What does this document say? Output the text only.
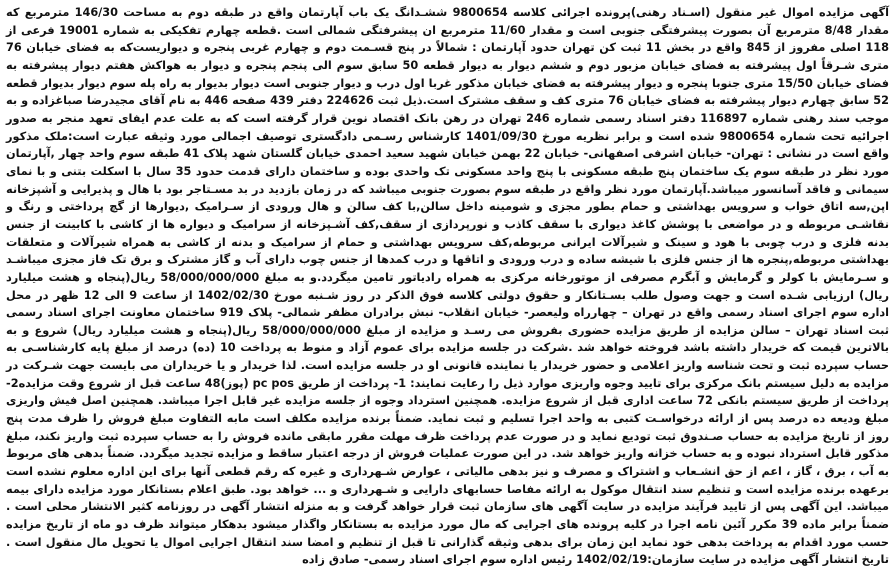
آگهی مزایده اموال غیر منقول (اسـناد رهنی)پرونده اجرائی کلاسه 9800654 ششـدانگ یک باب آپارتمان واقع در طبقه دوم به مساحت 146/30 مترمربع که مقدار 8/48 مترمربع آن بصورت پیشرفتگی جنوبی است و مقدار 11/60 مترمربع ان پیشرفتگی شمالی است .قطعه چهارم تفکیکی به شماره 19001 فرعی از 118 اصلی مفروز از 845 واقع در بخش 11 ثبت کن تهران حدود آپارتمان : شمالاً در پنج قسـمت دوم و چهارم غربی پنجره و دیواریست‌که به فضای خیابان 76 متری شـرقاً اول پیشرفته به فضای خیابان مزبور دوم و ششم دیوار به دیوار قطعه 50 سابق سوم الی پنجم پنجره و دیوار به هواکش هفتم دیوار پیشرفته به فضای خیابان 15/50 متری جنوبا پنجره و دیوار پیشرفته به فضای خیابان مذکور غربا اول درب و دیوار جنوبی است دیوار بدیوار به راه پله سوم دیوار بدیوار قطعه 52 سابق چهارم دیوار پیشرفته به فضای خیابان 76 متری کف و سقف مشترک است.ذیل ثبت 224626 دفتر 439 صفحه 446 به نام آقای مجیدرضا صباغزاده و به موجب سند رهنی شماره 116897 دفتر اسناد رسمی شماره 246 تهران در رهن بانک اقتصاد نوین قرار گرفته است که به علت عدم ایفای تعهد منجر به صدور اجرائیه تحت شماره 9800654 شده است و برابر نظریه مورخ 1401/09/30 کارشناس رسـمی دادگستری توصیف اجمالی مورد وثیقه عبارت است:ملک مذکور واقع است در نشانی : تهران- خیابان اشرفی اصفهانی- خیابان 22 بهمن خیابان شهید سعید احمدی خیابان گلستان شهد پلاک 41 طبقه سوم واحد چهار ,آپارتمان مورد نظر در طبقه سوم یک ساختمان پنج طبقه مسکونی با پنج واحد مسکونی تک واحدی بوده و ساختمان دارای قدمت حدود 35 سال با اسکلت بتنی و با نمای سیمانی و فاقد آسانسور میباشد.آپارتمان مورد نظر واقع در طبقه سوم بصورت جنوبی میباشد که در زمان بازدید در بد مسـتاجر بود با هال و پذیرایی و آشپزخانه اپن,سه اتاق خواب و سرویس بهداشتی و حمام بطور مجزی و شومینه داخل سالن,با کف سالن و هال ورودی از سـرامیک ,دیوارها از گچ پرداختی و رنگ و نقاشـی مربوطه و در مواضعی با پوشش کاغذ دیواری با سقف کاذب و نورپردازی از سقف,کف آشـپزخانه از سرامیک و دیواره ها از کاشی با کابینت از جنس بدنه فلزی و درب چوبی با هود و سینک و شیرآلات ایرانی مربوطه,کف سرویس بهداشتی و حمام از سرامیک و بدنه از کاشی به همراه شیرآلات و متعلقات بهداشتی مربوطه,پنجره ها از جنس فلزی با شیشه ساده و درب ورودی و اتاقها و درب کمدها از جنس چوب دارای آب و گاز مشترک و برق تک فاز مجزی میباشـد و سـرمایش با کولر و گرمایش و آبگرم مصرفی از موتورخانه مرکزی به همراه رادیاتور تامین میگردد.و به مبلغ 58/000/000/000 ریال(پنجاه و هشت میلیارد ریال) ارزیابی شـده است و جهت وصول طلب بسـتانکار و حقوق دولتی کلاسه فوق الذکر در روز شـنبه مورخ 1402/02/30 از ساعت 9 الی 12 ظهر در محل اداره سوم اجرای اسناد رسمی واقع در تهران – چهارراه ولیعصر- خیابان انقلاب- نبش برادران مظفر شمالی- پلاک 919 ساختمان معاونت اجرای اسناد رسمی ثبت اسناد تهران – سالن مزایده از طریق مزایده حضوری بفروش می رسـد و مزایده از مبلغ 58/000/000/000 ریال(پنجاه و هشت میلیارد ریال) شروع و به بالاترین قیمت که خریدار داشته باشد فروخته خواهد شد .شرکت در جلسه مزایده برای عموم آزاد و منوط به پرداخت 10 (ده) درصد از مبلغ پایه کارشناسـی به حساب سپرده ثبت و تحت شناسه واریز اعلامی و حضور خریدار یا نماینده قانونی او در جلسه مزایده است. لذا خریدار و یا خریداران می بایست جهت شـرکت در مزایده به دلیل سیستم بانک مرکزی برای تایید وجوه واریزی موارد ذیل را رعایت نمایند: 1- پرداخت از طریق pc pos (پوز)48 ساعت قبل از شروع وقت مزایده2- پرداخت از طریق سیستم بانکی 72 ساعت اداری قبل از شروع مزایده. همچنین استرداد وجوه از جلسه مزایده غیر قابل اجرا میباشد. همچنین اصل فیش واریزی مبلغ ودیعه ده درصد پس از ارائه درخواسـت کتبی به واحد اجرا تسلیم و ثبت نماید. ضمناً برنده مزایده مکلف است مابه التفاوت مبلغ فروش را ظرف مدت پنج روز از تاریخ مزایده به حساب صـندوق ثبت تودیع نماید و در صورت عدم پرداخت ظرف مهلت مقرر مابقی مانده فروش را به حساب سپرده ثبت واریز نکند، مبلغ مذکور قابل استرداد نبوده و به حساب خزانه واریز خواهد شد. در این صورت عملیات فروش از درجه اعتبار ساقط و مزایده تجدید میگردد. ضمناً بدهی های مربوط به آب ، برق ، گاز ، اعم از حق انشـعاب و اشتراک و مصرف و نیز بدهی مالیاتی ، عوارض شـهرداری و غیره که رقم قطعی آنها برای این اداره معلوم نشده است برعهده برنده مزایده است و تنظیم سند انتقال موکول به ارائه مفاصا حسابهای دارایی و شـهرداری و ... خواهد بود. طبق اعلام بستانکار مورد مزایده دارای بیمه میباشد. این آگهی پس از تایید فرآیند مزایده در سایت آگهی های سازمان ثبت قرار خواهد گرفت و به منزله انتشار آگهی در روزنامه کثیر الانتشار محلی است . ضمناً برابر ماده 39 مکرر آئین نامه اجرا در کلیه پرونده های اجرایی که مال مورد مزایده به بستانکار واگذار میشود بدهکار میتواند ظرف دو ماه از تاریخ مزایده حسب مورد اقدام به پرداخت بدهی خود نماید این زمان برای بدهی وثیقه گذارانی تا قبل از تنظیم و امضا سند انتقال اجرایی اموال یا تحویل مال منقول است . تاریخ انتشار آگهی مزایده در سایت سازمان:1402/02/19 رئیس اداره سوم اجرای اسناد رسمی- صادق زاده
